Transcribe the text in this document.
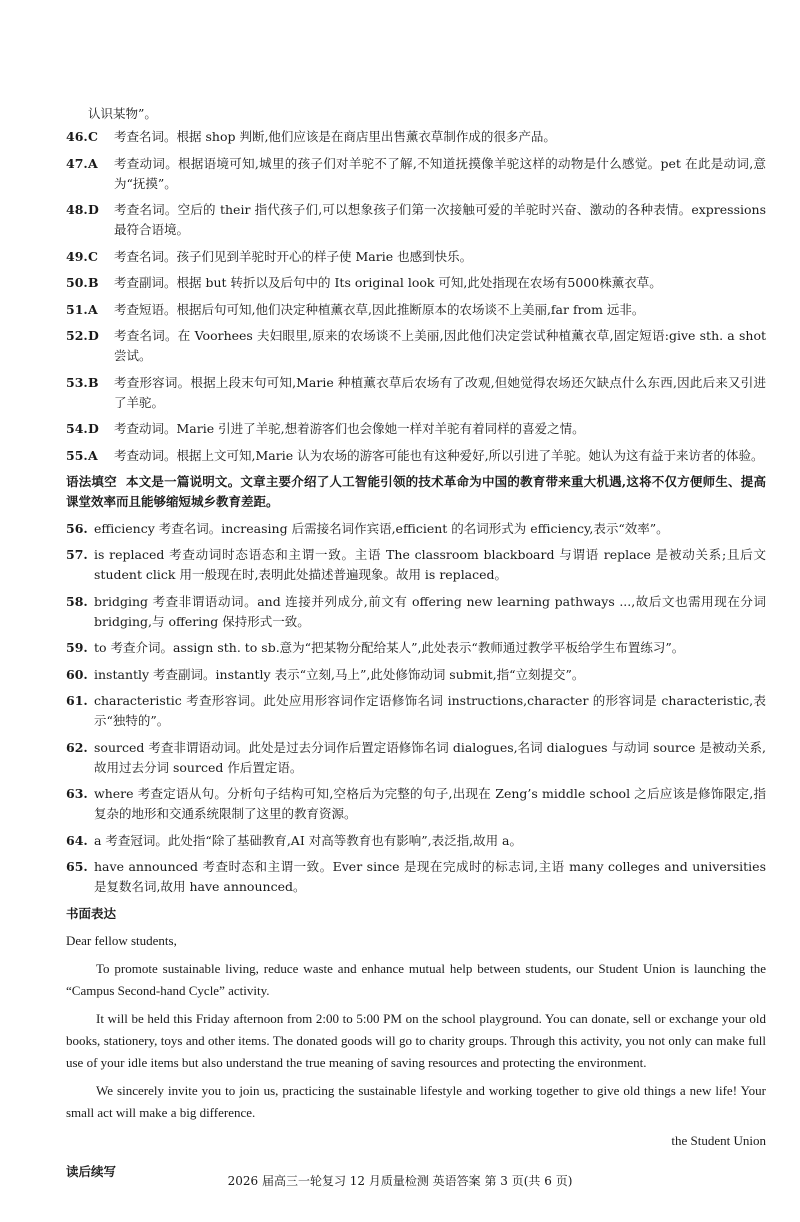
认识某物”。
46. C	考查名词。根据 shop 判断,他们应该是在商店里出售薰衣草制作成的很多产品。
47. A	考查动词。根据语境可知,城里的孩子们对羊驼不了解,不知道抚摸像羊驼这样的动物是什么感觉。pet 在此是动词,意为“抚摸”。
48. D	考查名词。空后的 their 指代孩子们,可以想象孩子们第一次接触可爱的羊驼时兴奋、激动的各种表情。expressions 最符合语境。
49. C	考查名词。孩子们见到羊驼时开心的样子使 Marie 也感到快乐。
50. B	考查副词。根据 but 转折以及后句中的 Its original look 可知,此处指现在农场有5000株薰衣草。
51. A	考查短语。根据后句可知,他们决定种植薰衣草,因此推断原本的农场谈不上美丽,far from 远非。
52. D	考查名词。在 Voorhees 夫妇眼里,原来的农场谈不上美丽,因此他们决定尝试种植薰衣草,固定短语:give sth. a shot 尝试。
53. B	考查形容词。根据上段末句可知,Marie 种植薰衣草后农场有了改观,但她觉得农场还欠缺点什么东西,因此后来又引进了羊驼。
54. D	考查动词。Marie 引进了羊驼,想着游客们也会像她一样对羊驼有着同样的喜爱之情。
55. A	考查动词。根据上文可知,Marie 认为农场的游客可能也有这种爱好,所以引进了羊驼。她认为这有益于来访者的体验。
语法填空 本文是一篇说明文。文章主要介绍了人工智能引领的技术革命为中国的教育带来重大机遇,这将不仅方便师生、提高课堂效率而且能够缩短城乡教育差距。
56. efficiency 考查名词。increasing 后需接名词作宾语,efficient 的名词形式为 efficiency,表示“效率”。
57. is replaced 考查动词时态语态和主谓一致。主语 The classroom blackboard 与谓语 replace 是被动关系;且后文 student click 用一般现在时,表明此处描述普遍现象。故用 is replaced。
58. bridging 考查非谓语动词。and 连接并列成分,前文有 offering new learning pathways ...,故后文也需用现在分词 bridging,与 offering 保持形式一致。
59. to 考查介词。assign sth. to sb.意为“把某物分配给某人”,此处表示“教师通过教学平板给学生布置练习”。
60. instantly 考查副词。instantly 表示“立刻,马上”,此处修饰动词 submit,指“立刻提交”。
61. characteristic 考查形容词。此处应用形容词作定语修饰名词 instructions,character 的形容词是 characteristic,表示“独特的”。
62. sourced 考查非谓语动词。此处是过去分词作后置定语修饰名词 dialogues,名词 dialogues 与动词 source 是被动关系,故用过去分词 sourced 作后置定语。
63. where 考查定语从句。分析句子结构可知,空格后为完整的句子,出现在 Zeng’s middle school 之后应该是修饰限定,指复杂的地形和交通系统限制了这里的教育资源。
64. a 考查冠词。此处指“除了基础教育,AI 对高等教育也有影响”,表泛指,故用 a。
65. have announced 考查时态和主谓一致。Ever since 是现在完成时的标志词,主语 many colleges and universities 是复数名词,故用 have announced。
书面表达

Dear fellow students,

To promote sustainable living, reduce waste and enhance mutual help between students, our Student Union is launching the “Campus Second-hand Cycle” activity.

It will be held this Friday afternoon from 2:00 to 5:00 PM on the school playground. You can donate, sell or exchange your old books, stationery, toys and other items. The donated goods will go to charity groups. Through this activity, you not only can make full use of your idle items but also understand the true meaning of saving resources and protecting the environment.

We sincerely invite you to join us, practicing the sustainable lifestyle and working together to give old things a new life! Your small act will make a big difference.

the Student Union

读后续写
2026 届高三一轮复习 12 月质量检测 英语答案 第 3 页(共 6 页)
